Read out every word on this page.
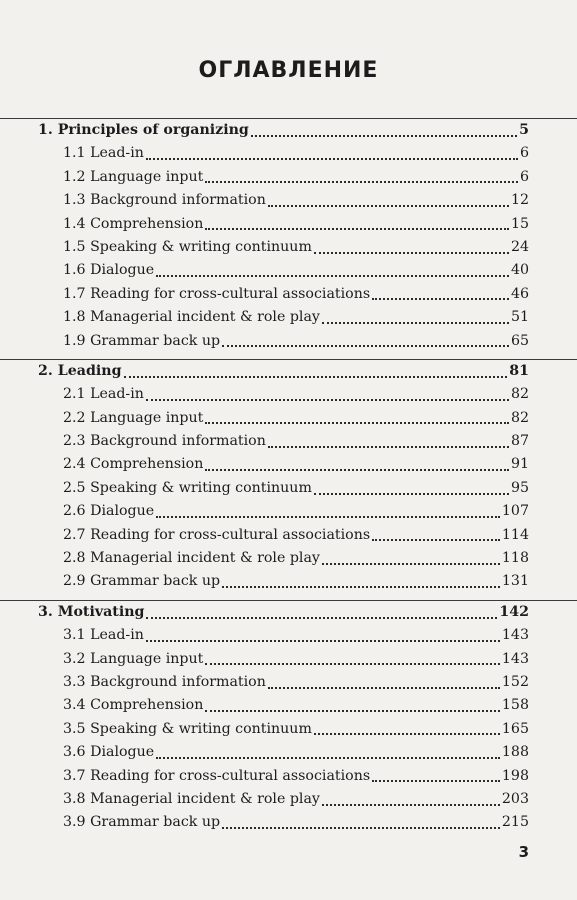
ОГЛАВЛЕНИЕ
1. Principles of organizing	5
1.1 Lead-in	6
1.2 Language input	6
1.3 Background information	12
1.4 Comprehension	15
1.5 Speaking & writing continuum	24
1.6 Dialogue	40
1.7 Reading for cross-cultural associations	46
1.8 Managerial incident & role play	51
1.9 Grammar back up	65
2. Leading	81
2.1 Lead-in	82
2.2 Language input	82
2.3 Background information	87
2.4 Comprehension	91
2.5 Speaking & writing continuum	95
2.6 Dialogue	107
2.7 Reading for cross-cultural associations	114
2.8 Managerial incident & role play	118
2.9 Grammar back up	131
3. Motivating	142
3.1 Lead-in	143
3.2 Language input	143
3.3 Background information	152
3.4 Comprehension	158
3.5 Speaking & writing continuum	165
3.6 Dialogue	188
3.7 Reading for cross-cultural associations	198
3.8 Managerial incident & role play	203
3.9 Grammar back up	215
3
